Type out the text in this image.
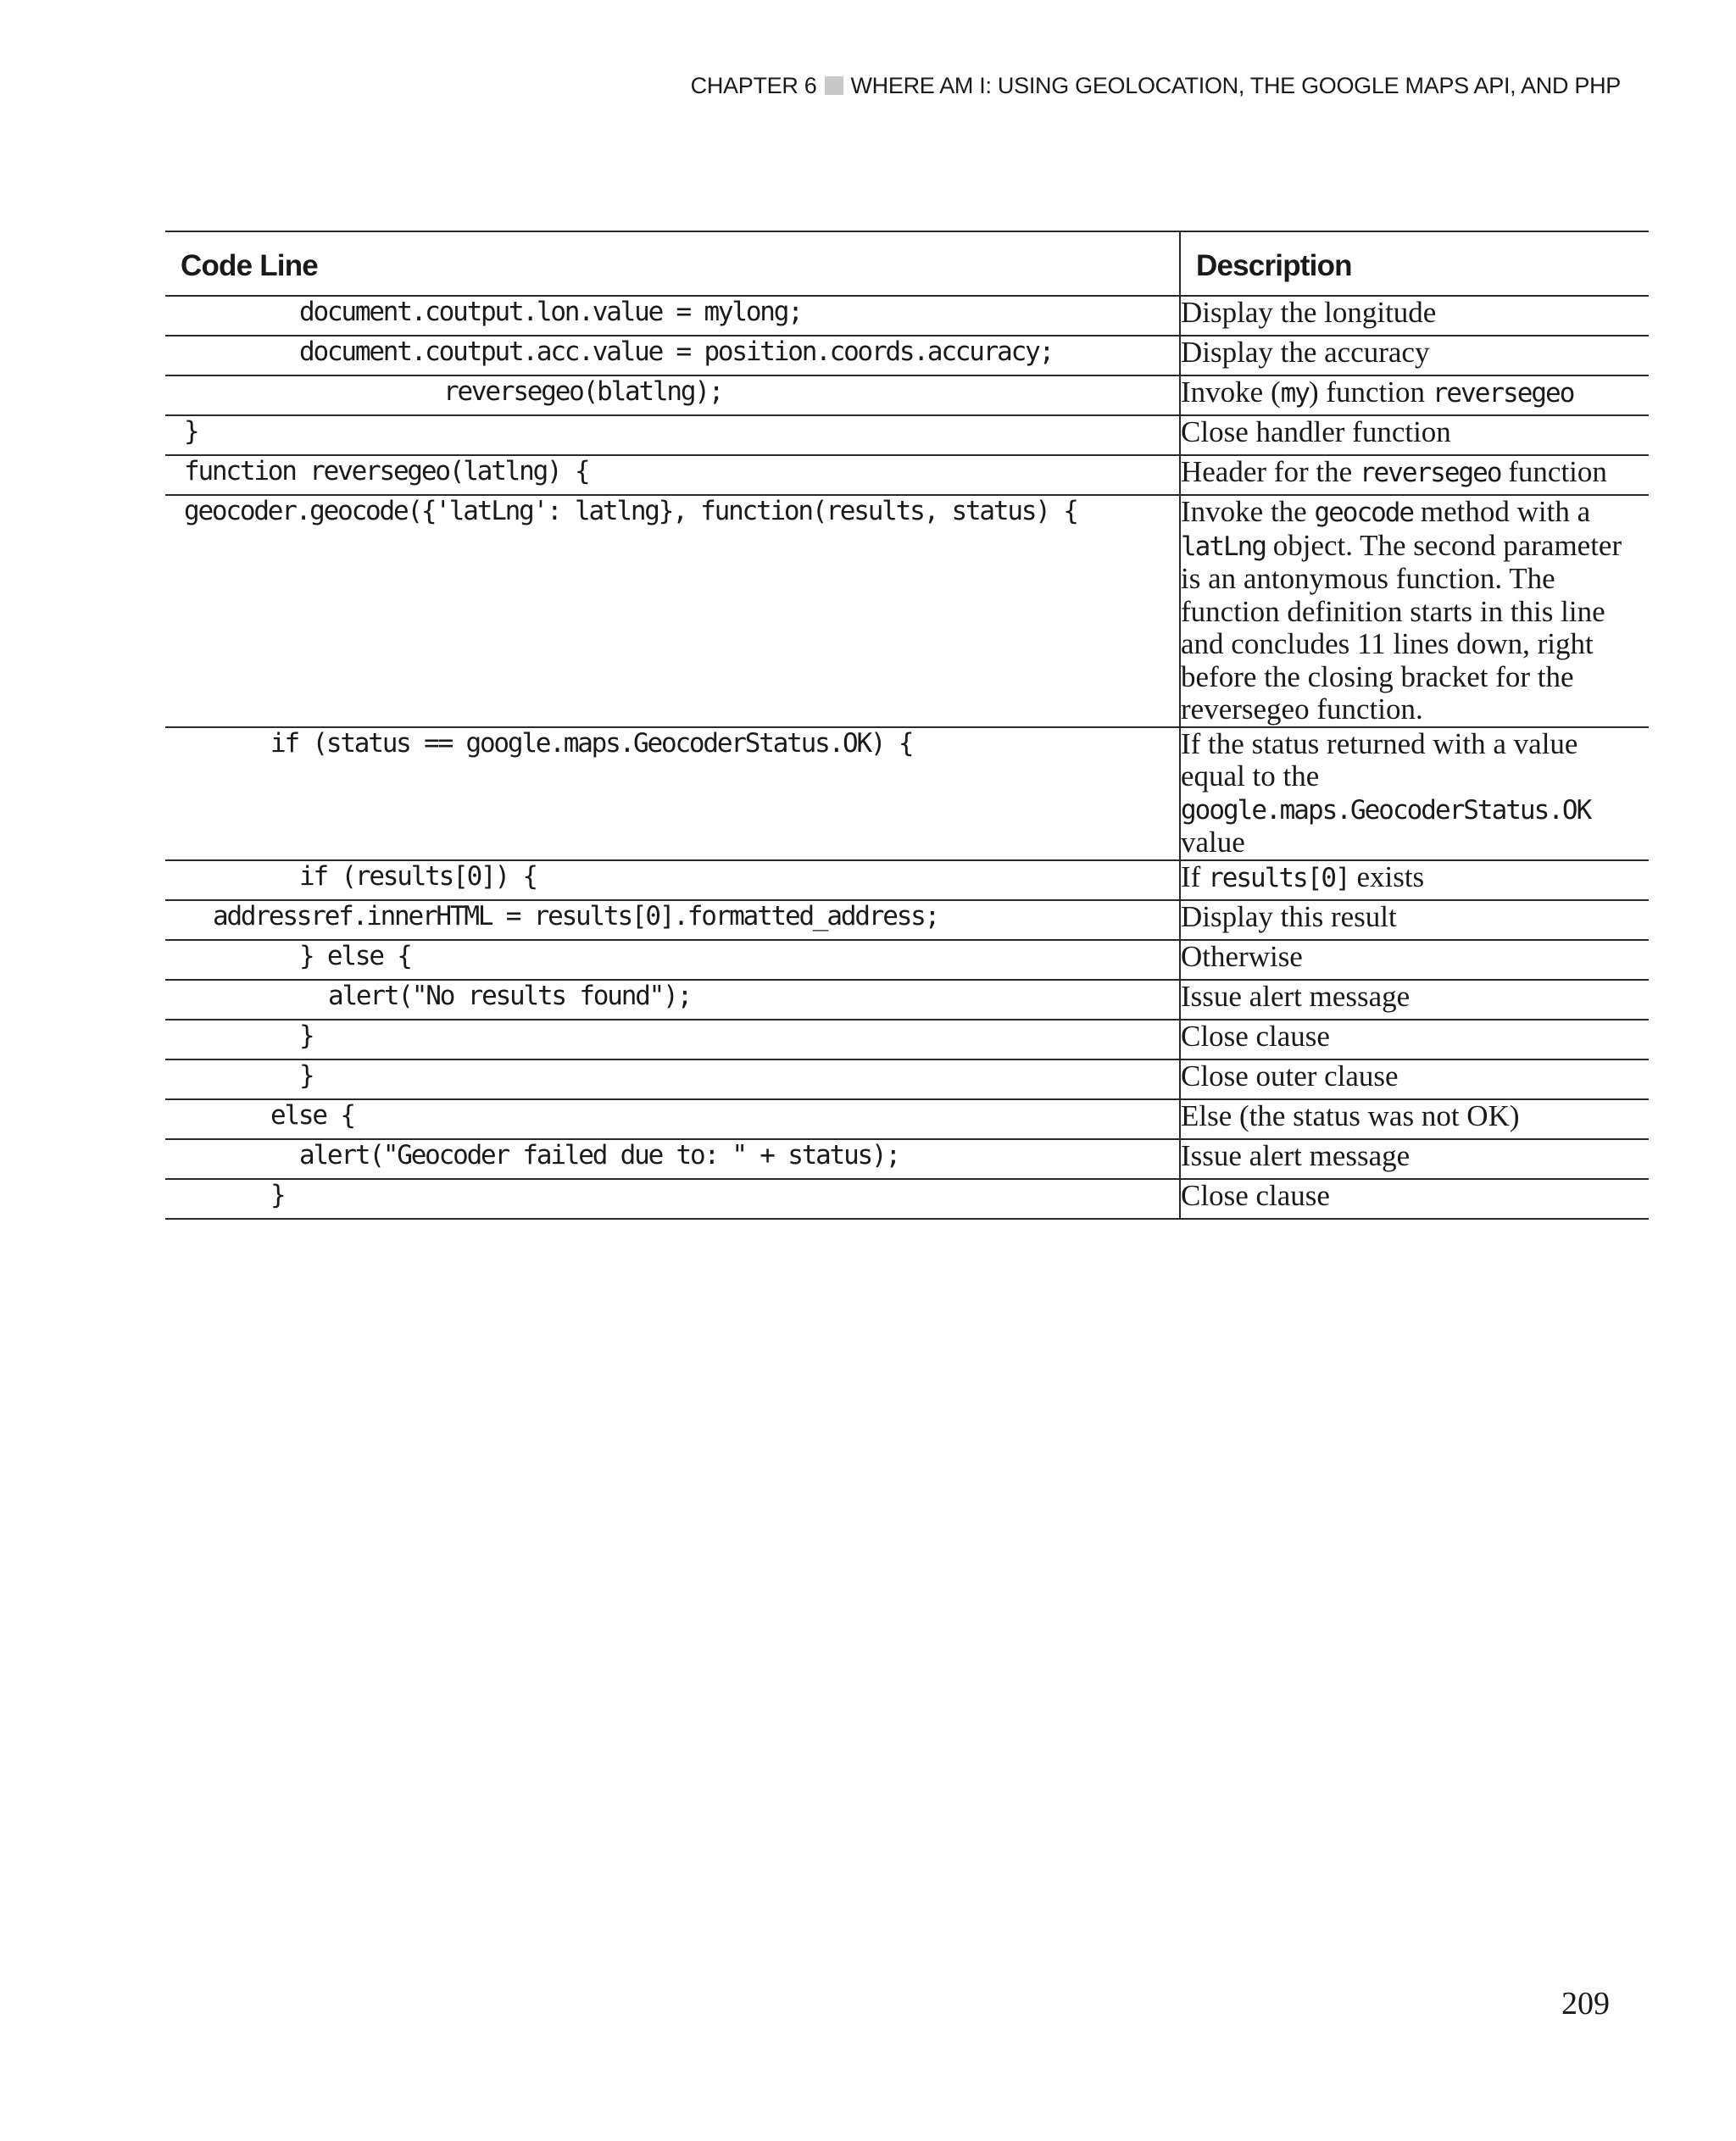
CHAPTER 6 WHERE AM I: USING GEOLOCATION, THE GOOGLE MAPS API, AND PHP
Code Line	Description
document.coutput.lon.value = mylong;	Display the longitude
document.coutput.acc.value = position.coords.accuracy;	Display the accuracy
reversegeo(blatlng);	Invoke (my) function reversegeo
}	Close handler function
function reversegeo(latlng) {	Header for the reversegeo function
geocoder.geocode({'latLng': latlng}, function(results, status) {	Invoke the geocode method with a latLng object. The second parameter is an antonymous function. The function definition starts in this line and concludes 11 lines down, right before the closing bracket for the reversegeo function.
if (status == google.maps.GeocoderStatus.OK) {	If the status returned with a value equal to the google.maps.GeocoderStatus.OK value
if (results[0]) {	If results[0] exists
addressref.innerHTML = results[0].formatted_address;	Display this result
} else {	Otherwise
alert("No results found");	Issue alert message
}	Close clause
}	Close outer clause
else {	Else (the status was not OK)
alert("Geocoder failed due to: " + status);	Issue alert message
}	Close clause
209
